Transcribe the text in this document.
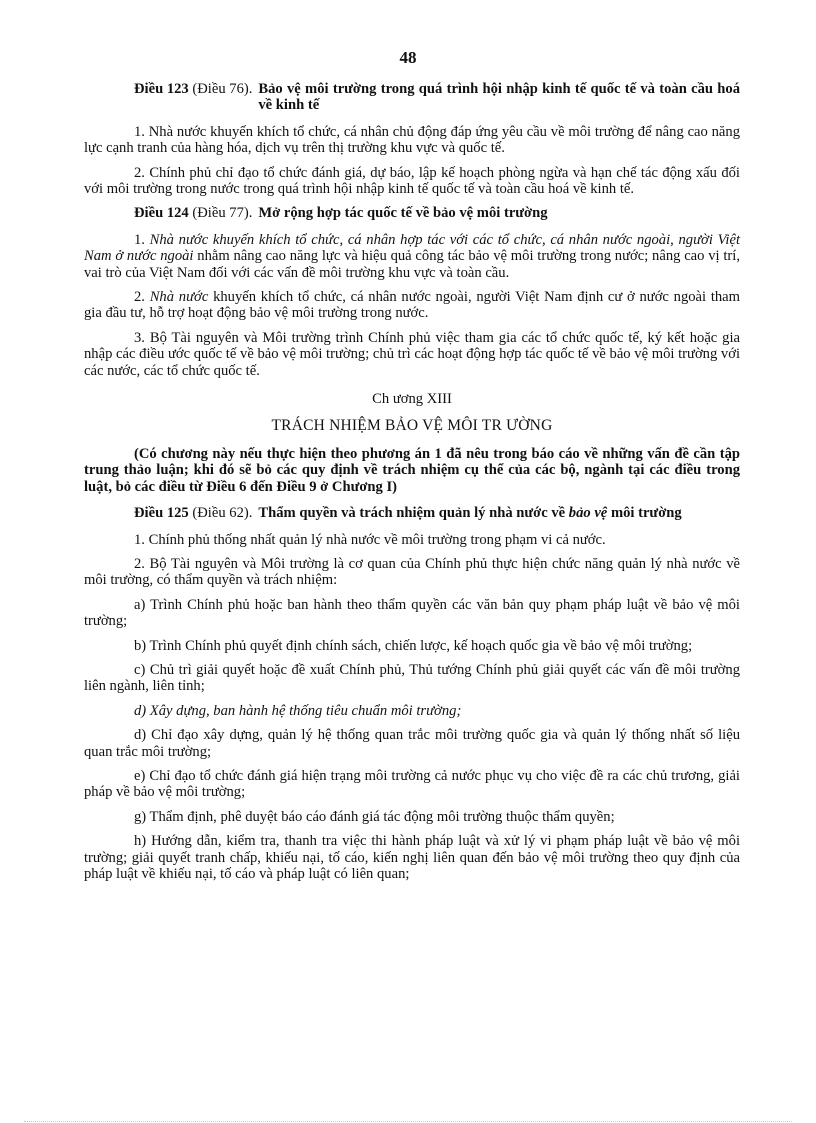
48
Điều 123 (Điều 76). Bảo vệ môi trường trong quá trình hội nhập kinh tế quốc tế và toàn cầu hoá về kinh tế

1. Nhà nước khuyến khích tổ chức, cá nhân chủ động đáp ứng yêu cầu về môi trường để nâng cao năng lực cạnh tranh của hàng hóa, dịch vụ trên thị trường khu vực và quốc tế.

2. Chính phủ chỉ đạo tổ chức đánh giá, dự báo, lập kế hoạch phòng ngừa và hạn chế tác động xấu đối với môi trường trong nước trong quá trình hội nhập kinh tế quốc tế và toàn cầu hoá về kinh tế.

Điều 124 (Điều 77). Mở rộng hợp tác quốc tế về bảo vệ môi trường

1. Nhà nước khuyến khích tổ chức, cá nhân hợp tác với các tổ chức, cá nhân nước ngoài, người Việt Nam ở nước ngoài nhằm nâng cao năng lực và hiệu quả công tác bảo vệ môi trường trong nước; nâng cao vị trí, vai trò của Việt Nam đối với các vấn đề môi trường khu vực và toàn cầu.

2. Nhà nước khuyến khích tổ chức, cá nhân nước ngoài, người Việt Nam định cư ở nước ngoài tham gia đầu tư, hỗ trợ hoạt động bảo vệ môi trường trong nước.

3. Bộ Tài nguyên và Môi trường trình Chính phủ việc tham gia các tổ chức quốc tế, ký kết hoặc gia nhập các điều ước quốc tế về bảo vệ môi trường; chủ trì các hoạt động hợp tác quốc tế về bảo vệ môi trường với các nước, các tổ chức quốc tế.

Ch ương XIII
TRÁCH NHIỆM BẢO VỆ MÔI TR ƯỜNG

(Có chương này nếu thực hiện theo phương án 1 đã nêu trong báo cáo về những vấn đề cần tập trung thảo luận; khi đó sẽ bỏ các quy định về trách nhiệm cụ thể của các bộ, ngành tại các điều trong luật, bỏ các điều từ Điều 6 đến Điều 9 ở Chương I)

Điều 125 (Điều 62). Thẩm quyền và trách nhiệm quản lý nhà nước về bảo vệ môi trường

1. Chính phủ thống nhất quản lý nhà nước về môi trường trong phạm vi cả nước.

2. Bộ Tài nguyên và Môi trường là cơ quan của Chính phủ thực hiện chức năng quản lý nhà nước về môi trường, có thẩm quyền và trách nhiệm:

a) Trình Chính phủ hoặc ban hành theo thẩm quyền các văn bản quy phạm pháp luật về bảo vệ môi trường;

b) Trình Chính phủ quyết định chính sách, chiến lược, kế hoạch quốc gia về bảo vệ môi trường;

c) Chủ trì giải quyết hoặc đề xuất Chính phủ, Thủ tướng Chính phủ giải quyết các vấn đề môi trường liên ngành, liên tỉnh;

d) Xây dựng, ban hành hệ thống tiêu chuẩn môi trường;

d) Chỉ đạo xây dựng, quản lý hệ thống quan trắc môi trường quốc gia và quản lý thống nhất số liệu quan trắc môi trường;

e) Chỉ đạo tổ chức đánh giá hiện trạng môi trường cả nước phục vụ cho việc đề ra các chủ trương, giải pháp về bảo vệ môi trường;

g) Thẩm định, phê duyệt báo cáo đánh giá tác động môi trường thuộc thẩm quyền;

h) Hướng dẫn, kiểm tra, thanh tra việc thi hành pháp luật và xử lý vi phạm pháp luật về bảo vệ môi trường; giải quyết tranh chấp, khiếu nại, tố cáo, kiến nghị liên quan đến bảo vệ môi trường theo quy định của pháp luật về khiếu nại, tố cáo và pháp luật có liên quan;
